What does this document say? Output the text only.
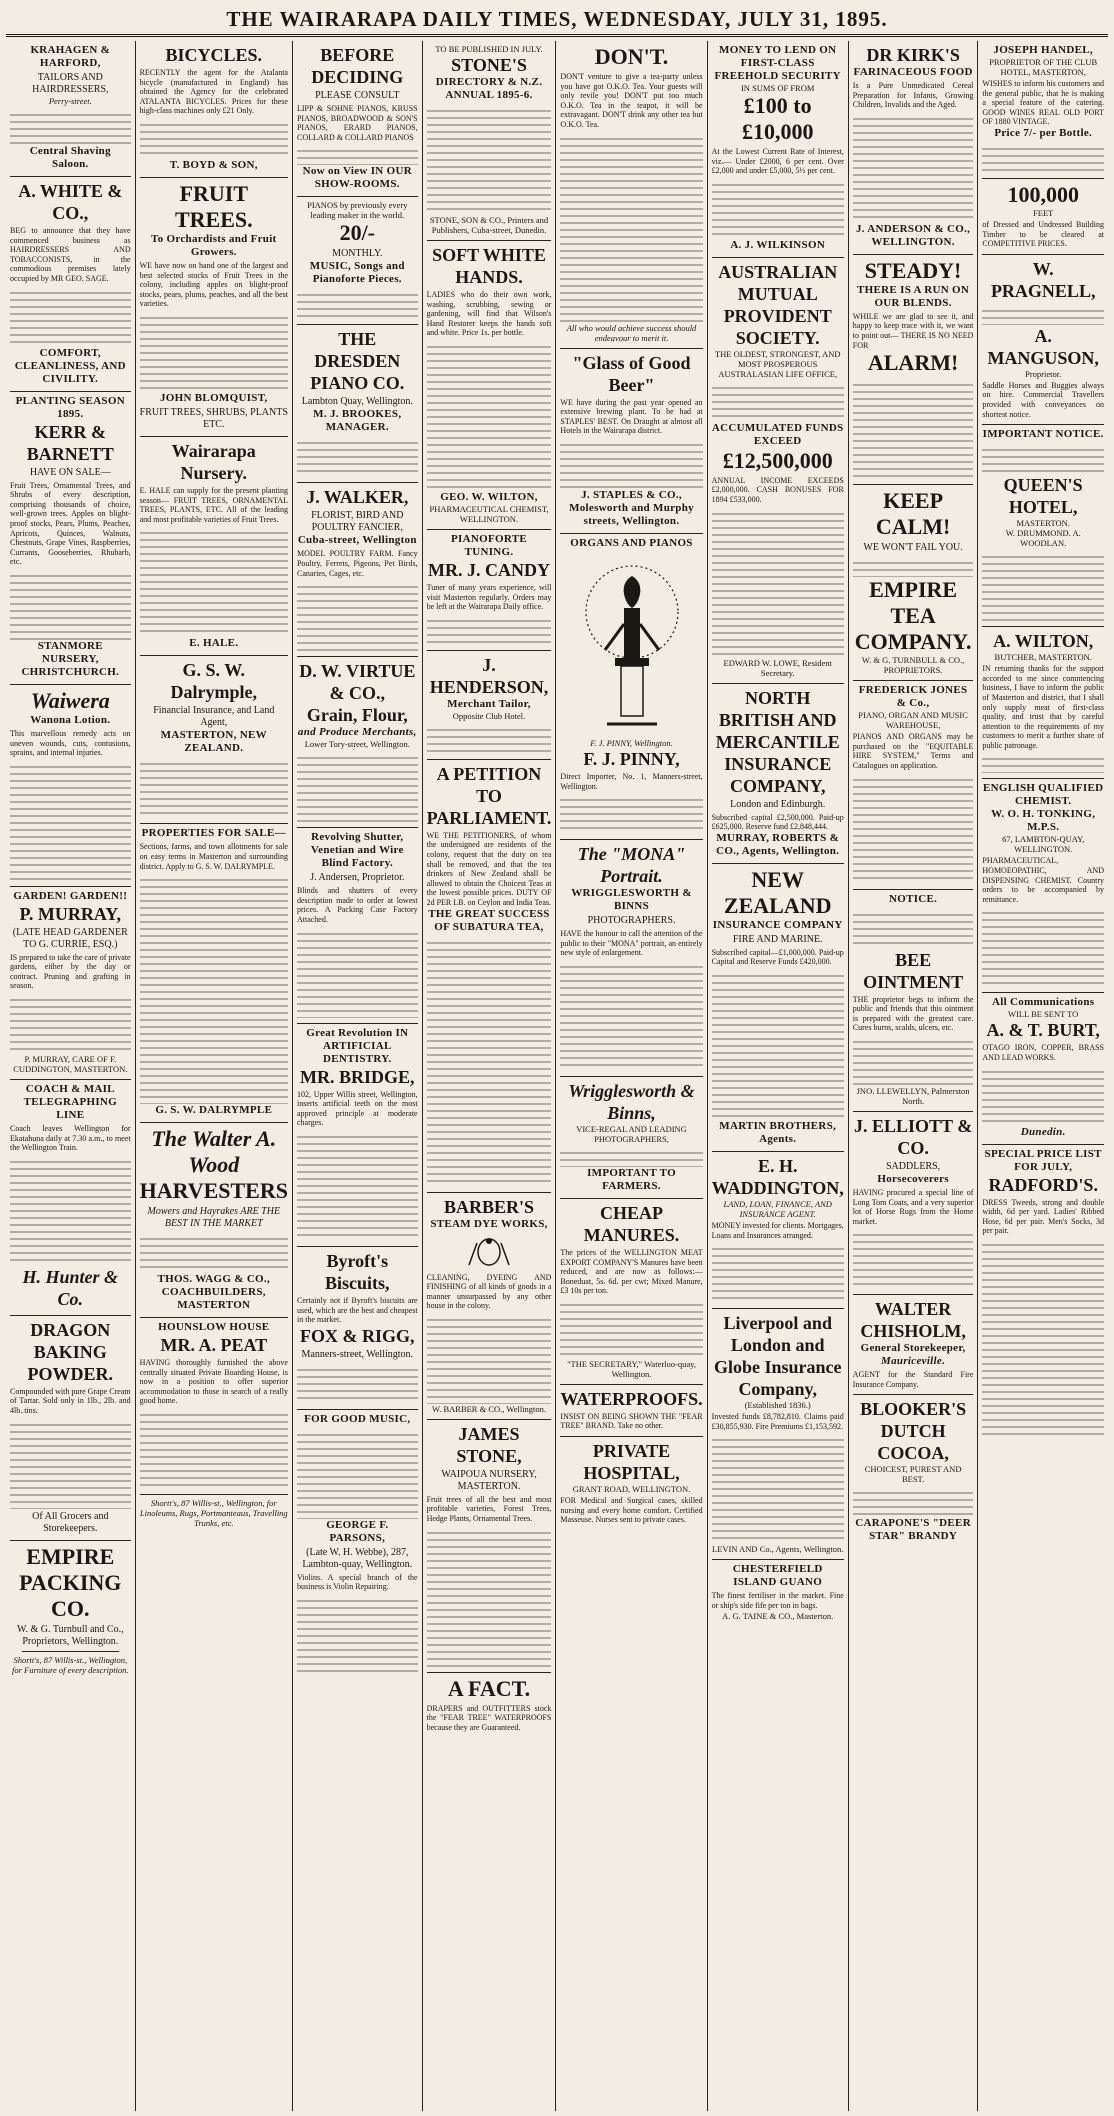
THE WAIRARAPA DAILY TIMES, WEDNESDAY, JULY 31, 1895.
KRAHAGEN & HARFORD,
TAILORS AND HAIRDRESSERS,
Perry-street.
Central Shaving Saloon.
A. WHITE & CO.,
BEG to announce that they have commenced business as HAIRDRESSERS AND TOBACCONISTS, in the commodious premises lately occupied by MR GEO. SAGE.
COMFORT, CLEANLINESS, AND CIVILITY.
PLANTING SEASON 1895.
KERR & BARNETT
HAVE ON SALE—
Fruit Trees, Ornamental Trees, and Shrubs of every description, comprising thousands of choice, well-grown trees. Apples on blight-proof stocks, Pears, Plums, Peaches, Apricots, Quinces, Walnuts, Chestnuts, Grape Vines, Raspberries, Currants, Gooseberries, Rhubarb, etc.
STANMORE NURSERY, CHRISTCHURCH.
Waiwera
Wanona Lotion.
This marvellous remedy acts on uneven wounds, cuts, contusions, sprains, and internal injuries.
GARDEN! GARDEN!!
P. MURRAY,
(LATE HEAD GARDENER TO G. CURRIE, ESQ.)
IS prepared to take the care of private gardens, either by the day or contract. Pruning and grafting in season.
P. MURRAY, CARE OF F. CUDDINGTON, MASTERTON.
COACH & MAIL TELEGRAPHING LINE
Coach leaves Wellington for Ekatahuna daily at 7.30 a.m., to meet the Wellington Train.
H. Hunter & Co.
DRAGON BAKING POWDER.
Compounded with pure Grape Cream of Tartar. Sold only in 1lb., 2lb. and 4lb. tins.
Of All Grocers and Storekeepers.
EMPIRE PACKING CO.
W. & G. Turnbull and Co., Proprietors, Wellington.
Shortt's, 87 Willis-st., Wellington, for Furniture of every description.
BICYCLES.
RECENTLY the agent for the Atalanta bicycle (manufactured in England) has obtained the Agency for the celebrated ATALANTA BICYCLES. Prices for these high-class machines only £21 Only.
T. BOYD & SON,
FRUIT TREES.
To Orchardists and Fruit Growers.
WE have now on hand one of the largest and best selected stocks of Fruit Trees in the colony, including apples on blight-proof stocks, pears, plums, peaches, and all the best varieties.
JOHN BLOMQUIST,
FRUIT TREES, SHRUBS, PLANTS ETC.
Wairarapa Nursery.
E. HALE can supply for the present planting season— FRUIT TREES, ORNAMENTAL TREES, PLANTS, ETC. All of the leading and most profitable varieties of Fruit Trees.
E. HALE.
G. S. W. Dalrymple,
Financial Insurance, and Land Agent,
MASTERTON, NEW ZEALAND.
PROPERTIES FOR SALE—
Sections, farms, and town allotments for sale on easy terms in Masterton and surrounding district. Apply to G. S. W. DALRYMPLE.
G. S. W. DALRYMPLE
The Walter A. Wood
HARVESTERS
Mowers and Hayrakes ARE THE BEST IN THE MARKET
THOS. WAGG & CO., COACHBUILDERS, MASTERTON
HOUNSLOW HOUSE
MR. A. PEAT
HAVING thoroughly furnished the above centrally situated Private Boarding House, is now in a position to offer superior accommodation to those in search of a really good home.
Shortt's, 87 Willis-st., Wellington, for Linoleums, Rugs, Portmanteaus, Travelling Trunks, etc.
BEFORE DECIDING
PLEASE CONSULT
LIPP & SOHNE PIANOS, KRUSS PIANOS, BROADWOOD & SON'S PIANOS, ERARD PIANOS, COLLARD & COLLARD PIANOS
Now on View IN OUR SHOW-ROOMS.
PIANOS by previously every leading maker in the world.
20/-
MONTHLY.
MUSIC, Songs and Pianoforte Pieces.
THE DRESDEN PIANO CO.
Lambton Quay, Wellington.
M. J. BROOKES, MANAGER.
J. WALKER,
FLORIST, BIRD AND POULTRY FANCIER,
Cuba-street, Wellington
MODEL POULTRY FARM. Fancy Poultry, Ferrets, Pigeons, Pet Birds, Canaries, Cages, etc.
D. W. VIRTUE & CO.,
Grain, Flour,
and Produce Merchants,
Lower Tory-street, Wellington.
Revolving Shutter, Venetian and Wire Blind Factory.
J. Andersen, Proprietor.
Blinds and shutters of every description made to order at lowest prices. A Packing Case Factory Attached.
Great Revolution IN ARTIFICIAL DENTISTRY.
MR. BRIDGE,
102, Upper Willis street, Wellington, inserts artificial teeth on the most approved principle at moderate charges.
Byroft's Biscuits,
Certainly not if Byroft's biscuits are used, which are the best and cheapest in the market.
FOX & RIGG,
Manners-street, Wellington.
FOR GOOD MUSIC,
GEORGE F. PARSONS,
(Late W. H. Webbe), 287, Lambton-quay, Wellington.
Violins. A special branch of the business is Violin Repairing.
TO BE PUBLISHED IN JULY.
STONE'S
DIRECTORY & N.Z. ANNUAL 1895-6.
STONE, SON & CO., Printers and Publishers, Cuba-street, Dunedin.
SOFT WHITE HANDS.
LADIES who do their own work, washing, scrubbing, sewing or gardening, will find that Wilson's Hand Restorer keeps the hands soft and white. Price 1s. per bottle.
GEO. W. WILTON,
PHARMACEUTICAL CHEMIST, WELLINGTON.
PIANOFORTE TUNING.
MR. J. CANDY
Tuner of many years experience, will visit Masterton regularly. Orders may be left at the Wairarapa Daily office.
J. HENDERSON,
Merchant Tailor,
Opposite Club Hotel.
A PETITION TO PARLIAMENT.
WE THE PETITIONERS, of whom the undersigned are residents of the colony, request that the duty on tea shall be removed, and that the tea drinkers of New Zealand shall be allowed to obtain the Choicest Teas at the lowest possible prices. DUTY OF 2d PER LB. on Ceylon and India Teas.
THE GREAT SUCCESS OF SUBATURA TEA,
BARBER'S
STEAM DYE WORKS,
CLEANING, DYEING AND FINISHING of all kinds of goods in a manner unsurpassed by any other house in the colony.
W. BARBER & CO., Wellington.
JAMES STONE,
WAIPOUA NURSERY, MASTERTON.
Fruit trees of all the best and most profitable varieties, Forest Trees, Hedge Plants, Ornamental Trees.
A FACT.
DRAPERS and OUTFITTERS stock the "FEAR TREE" WATERPROOFS because they are Guaranteed.
DON'T.
DON'T venture to give a tea-party unless you have got O.K.O. Tea. Your guests will only revile you! DON'T put too much O.K.O. Tea in the teapot, it will be extravagant. DON'T drink any other tea but O.K.O. Tea.
All who would achieve success should endeavour to merit it.
"Glass of Good Beer"
WE have during the past year opened an extensive brewing plant. To be had at STAPLES' BEST. On Draught at almost all Hotels in the Wairarapa district.
J. STAPLES & CO., Molesworth and Murphy streets, Wellington.
ORGANS AND PIANOS
F. J. PINNY, Wellington.
F. J. PINNY,
Direct Importer, No. 1, Manners-street, Wellington.
The "MONA" Portrait.
WRIGGLESWORTH & BINNS
PHOTOGRAPHERS.
HAVE the honour to call the attention of the public to their "MONA" portrait, an entirely new style of enlargement.
Wrigglesworth & Binns,
VICE-REGAL AND LEADING PHOTOGRAPHERS,
IMPORTANT TO FARMERS.
CHEAP MANURES.
The prices of the WELLINGTON MEAT EXPORT COMPANY'S Manures have been reduced, and are now as follows:— Boneduat, 5s. 6d. per cwt; Mixed Manure, £3 10s per ton.
"THE SECRETARY," Waterloo-quay, Wellington.
WATERPROOFS.
INSIST ON BEING SHOWN THE "FEAR TREE" BRAND. Take no other.
PRIVATE HOSPITAL,
GRANT ROAD, WELLINGTON.
FOR Medical and Surgical cases, skilled nursing and every home comfort. Certified Masseuse. Nurses sent to private cases.
MONEY TO LEND ON FIRST-CLASS FREEHOLD SECURITY
IN SUMS OF FROM
£100 to £10,000
At the Lowest Current Rate of Interest, viz.— Under £2000, 6 per cent. Over £2,000 and under £5,000, 5½ per cent.
A. J. WILKINSON
AUSTRALIAN MUTUAL PROVIDENT SOCIETY.
THE OLDEST, STRONGEST, AND MOST PROSPEROUS AUSTRALASIAN LIFE OFFICE,
ACCUMULATED FUNDS EXCEED
£12,500,000
ANNUAL INCOME EXCEEDS £2,000,000. CASH BONUSES FOR 1894 £533,000.
EDWARD W. LOWE, Resident Secretary.
NORTH BRITISH AND MERCANTILE INSURANCE COMPANY,
London and Edinburgh.
Subscribed capital £2,500,000. Paid-up £625,000. Reserve fund £2,848,444.
MURRAY, ROBERTS & CO., Agents, Wellington.
NEW ZEALAND
INSURANCE COMPANY
FIRE AND MARINE.
Subscribed capital—£1,000,000. Paid-up Capital and Reserve Funds £420,000.
MARTIN BROTHERS, Agents.
E. H. WADDINGTON,
LAND, LOAN, FINANCE, AND INSURANCE AGENT.
MONEY invested for clients. Mortgages, Loans and Insurances arranged.
Liverpool and London and Globe Insurance Company,
(Established 1836.)
Invested funds £8,782,810. Claims paid £30,855,930. Fire Premiums £1,153,592.
LEVIN AND Co., Agents, Wellington.
CHESTERFIELD ISLAND GUANO
The finest fertiliser in the market. Fine or ship's side fife per ton in bags.
A. G. TAINE & CO., Masterton.
DR KIRK'S
FARINACEOUS FOOD
Is a Pure Unmedicated Cereal Preparation for Infants, Growing Children, Invalids and the Aged.
J. ANDERSON & CO., WELLINGTON.
STEADY!
THERE IS A RUN ON OUR BLENDS.
WHILE we are glad to see it, and happy to keep trace with it, we want to point out— THERE IS NO NEED FOR
ALARM!
KEEP CALM!
WE WON'T FAIL YOU.
EMPIRE TEA COMPANY.
W. & G. TURNBULL & CO., PROPRIETORS.
FREDERICK JONES & Co.,
PIANO, ORGAN AND MUSIC WAREHOUSE,
PIANOS AND ORGANS may be purchased on the "EQUITABLE HIRE SYSTEM," Terms and Catalogues on application.
NOTICE.
BEE OINTMENT
THE proprietor begs to inform the public and friends that this ointment is prepared with the greatest care. Cures burns, scalds, ulcers, etc.
JNO. LLEWELLYN, Palmerston North.
J. ELLIOTT & CO.
SADDLERS,
Horsecoverers
HAVING procured a special line of Long Tom Coats, and a very superior lot of Horse Rugs from the Home market.
WALTER CHISHOLM,
General Storekeeper,
Mauriceville.
AGENT for the Standard Fire Insurance Company.
BLOOKER'S DUTCH COCOA,
CHOICEST, PUREST AND BEST.
CARAPONE'S "DEER STAR" BRANDY
JOSEPH HANDEL,
PROPRIETOR OF THE CLUB HOTEL, MASTERTON,
WISHES to inform his customers and the general public, that he is making a special feature of the catering. GOOD WINES REAL OLD PORT OF 1880 VINTAGE.
Price 7/- per Bottle.
100,000
FEET
of Dressed and Undressed Building Timber to be cleared at COMPETITIVE PRICES.
W. PRAGNELL,
A. MANGUSON,
Proprietor.
Saddle Horses and Buggies always on hire. Commercial Travellers provided with conveyances on shortest notice.
IMPORTANT NOTICE.
QUEEN'S HOTEL,
MASTERTON.
W. DRUMMOND. A. WOODLAN.
A. WILTON,
BUTCHER, MASTERTON.
IN returning thanks for the support accorded to me since commencing business, I have to inform the public of Masterton and district, that I shall only supply meat of first-class quality, and trust that by careful attention to the requirements of my customers to merit a further share of public patronage.
ENGLISH QUALIFIED CHEMIST.
W. O. H. TONKING, M.P.S.
67, LAMBTON-QUAY, WELLINGTON.
PHARMACEUTICAL, HOMOEOPATHIC, AND DISPENSING CHEMIST. Country orders to be accompanied by remittance.
All Communications
WILL BE SENT TO
A. & T. BURT,
OTAGO IRON, COPPER, BRASS AND LEAD WORKS.
Dunedin.
SPECIAL PRICE LIST FOR JULY,
RADFORD'S.
DRESS Tweeds, strong and double width, 6d per yard. Ladies' Ribbed Hose, 6d per pair. Men's Socks, 3d per pair.
